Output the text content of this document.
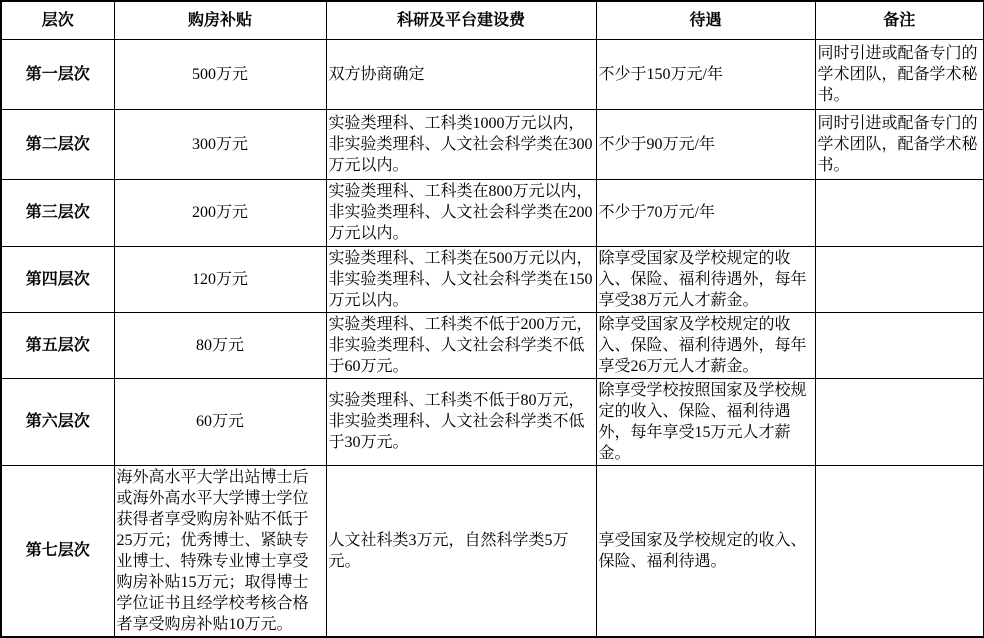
层次	购房补贴	科研及平台建设费	待遇	备注
第一层次	500万元	双方协商确定	不少于150万元/年	同时引进或配备专门的学术团队，配备学术秘书。
第二层次	300万元	实验类理科、工科类1000万元以内，非实验类理科、人文社会科学类在300万元以内。	不少于90万元/年	同时引进或配备专门的学术团队，配备学术秘书。
第三层次	200万元	实验类理科、工科类在800万元以内，非实验类理科、人文社会科学类在200万元以内。	不少于70万元/年	
第四层次	120万元	实验类理科、工科类在500万元以内，非实验类理科、人文社会科学类在150万元以内。	除享受国家及学校规定的收入、保险、福利待遇外，每年享受38万元人才薪金。	
第五层次	80万元	实验类理科、工科类不低于200万元，非实验类理科、人文社会科学类不低于60万元。	除享受国家及学校规定的收入、保险、福利待遇外，每年享受26万元人才薪金。	
第六层次	60万元	实验类理科、工科类不低于80万元，非实验类理科、人文社会科学类不低于30万元。	除享受学校按照国家及学校规定的收入、保险、福利待遇外，每年享受15万元人才薪金。	
第七层次	海外高水平大学出站博士后或海外高水平大学博士学位获得者享受购房补贴不低于25万元；优秀博士、紧缺专业博士、特殊专业博士享受购房补贴15万元；取得博士学位证书且经学校考核合格者享受购房补贴10万元。	人文社科类3万元，自然科学类5万元。	享受国家及学校规定的收入、保险、福利待遇。	
